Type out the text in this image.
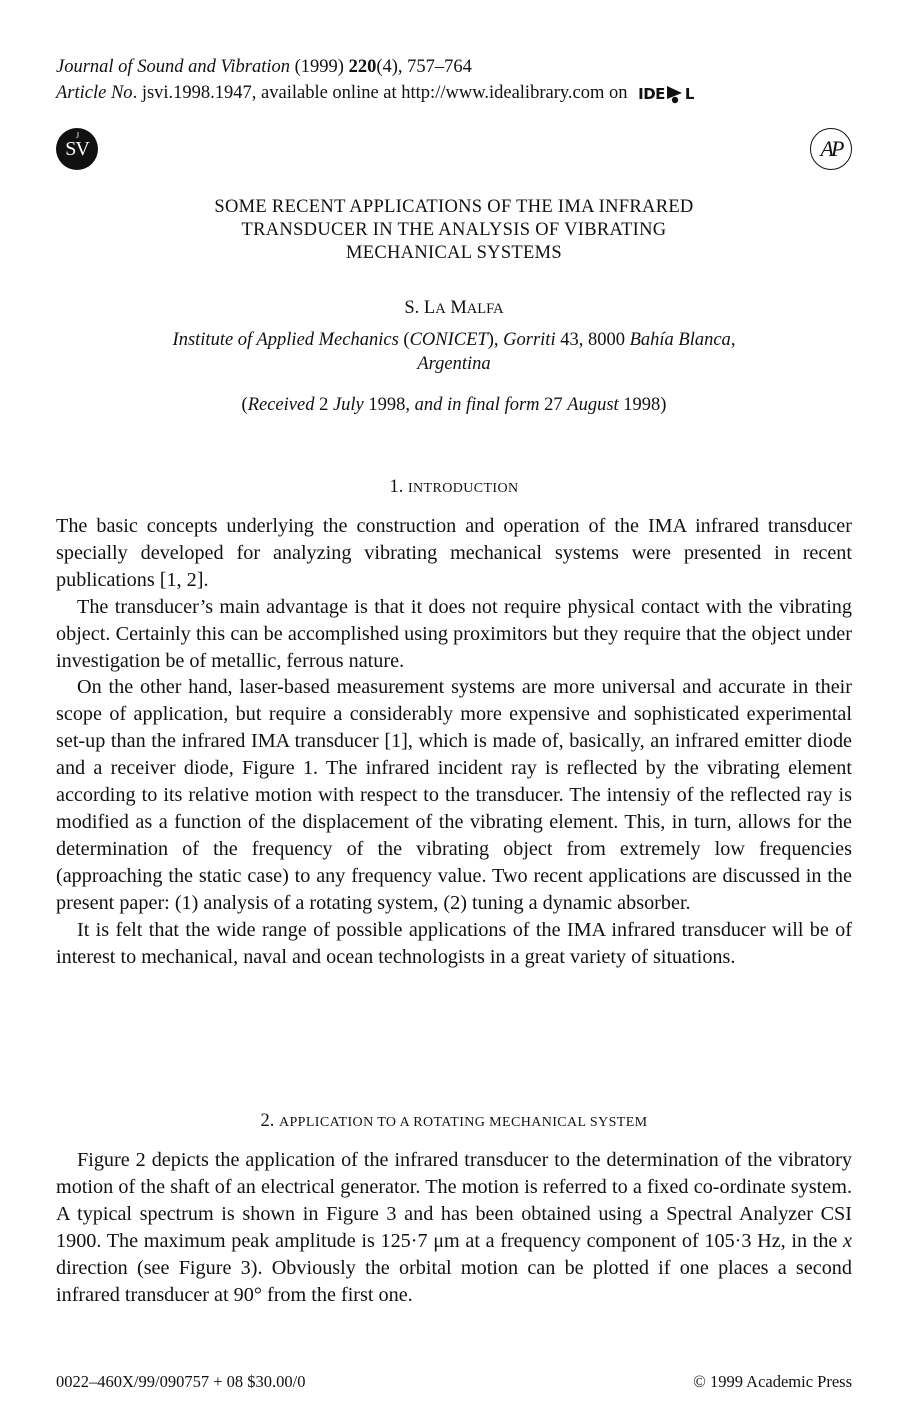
Journal of Sound and Vibration (1999) 220(4), 757–764
Article No. jsvi.1998.1947, available online at http://www.idealibrary.com on IDE L
J
SV	AP
SOME RECENT APPLICATIONS OF THE IMA INFRARED
TRANSDUCER IN THE ANALYSIS OF VIBRATING
MECHANICAL SYSTEMS
S. LA MALFA
Institute of Applied Mechanics (CONICET), Gorriti 43, 8000 Bahía Blanca,
Argentina
(Received 2 July 1998, and in final form 27 August 1998)
1. INTRODUCTION

The basic concepts underlying the construction and operation of the IMA infrared transducer specially developed for analyzing vibrating mechanical systems were presented in recent publications [1, 2].

The transducer’s main advantage is that it does not require physical contact with the vibrating object. Certainly this can be accomplished using proximitors but they require that the object under investigation be of metallic, ferrous nature.

On the other hand, laser-based measurement systems are more universal and accurate in their scope of application, but require a considerably more expensive and sophisticated experimental set-up than the infrared IMA transducer [1], which is made of, basically, an infrared emitter diode and a receiver diode, Figure 1. The infrared incident ray is reflected by the vibrating element according to its relative motion with respect to the transducer. The intensiy of the reflected ray is modified as a function of the displacement of the vibrating element. This, in turn, allows for the determination of the frequency of the vibrating object from extremely low frequencies (approaching the static case) to any frequency value. Two recent applications are discussed in the present paper: (1) analysis of a rotating system, (2) tuning a dynamic absorber.

It is felt that the wide range of possible applications of the IMA infrared transducer will be of interest to mechanical, naval and ocean technologists in a great variety of situations.

2. APPLICATION TO A ROTATING MECHANICAL SYSTEM

Figure 2 depicts the application of the infrared transducer to the determination of the vibratory motion of the shaft of an electrical generator. The motion is referred to a fixed co-ordinate system. A typical spectrum is shown in Figure 3 and has been obtained using a Spectral Analyzer CSI 1900. The maximum peak amplitude is 125·7 μm at a frequency component of 105·3 Hz, in the x direction (see Figure 3). Obviously the orbital motion can be plotted if one places a second infrared transducer at 90° from the first one.

0022–460X/99/090757 + 08 $30.00/0	© 1999 Academic Press
